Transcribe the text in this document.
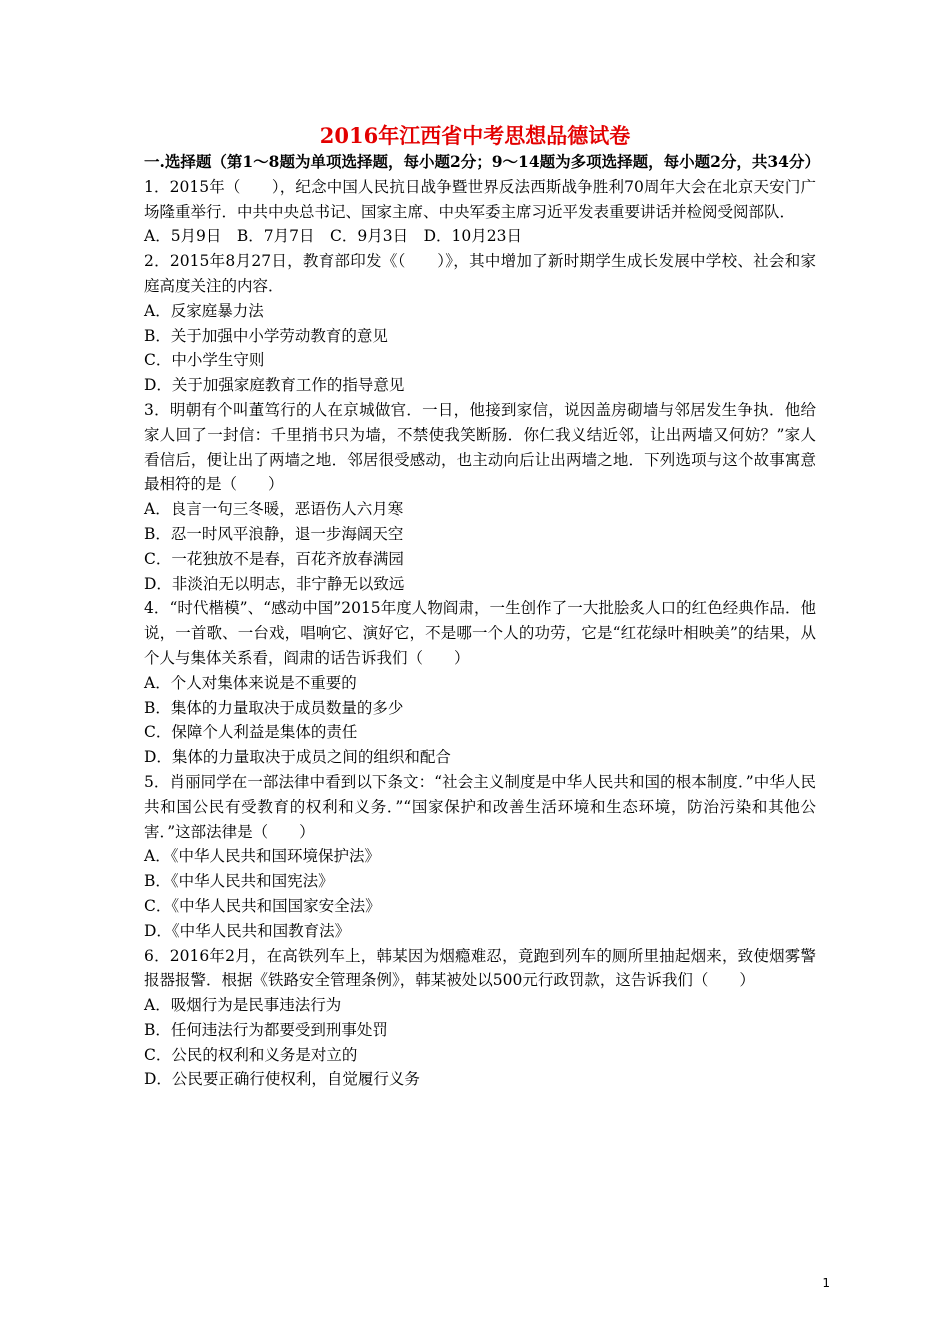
2016年江西省中考思想品德试卷

一.选择题（第1～8题为单项选择题，每小题2分；9～14题为多项选择题，每小题2分，共34分）

1．2015年（　　），纪念中国人民抗日战争暨世界反法西斯战争胜利70周年大会在北京天安门广场隆重举行．中共中央总书记、国家主席、中央军委主席习近平发表重要讲话并检阅受阅部队．

A．5月9日　B．7月7日　C．9月3日　D．10月23日

2．2015年8月27日，教育部印发《（　　）》，其中增加了新时期学生成长发展中学校、社会和家庭高度关注的内容．

A．反家庭暴力法

B．关于加强中小学劳动教育的意见

C．中小学生守则

D．关于加强家庭教育工作的指导意见

3．明朝有个叫董笃行的人在京城做官．一日，他接到家信，说因盖房砌墙与邻居发生争执．他给家人回了一封信：千里捎书只为墙，不禁使我笑断肠．你仁我义结近邻，让出两墙又何妨？”家人看信后，便让出了两墙之地．邻居很受感动，也主动向后让出两墙之地．下列选项与这个故事寓意最相符的是（　　）

A．良言一句三冬暖，恶语伤人六月寒

B．忍一时风平浪静，退一步海阔天空

C．一花独放不是春，百花齐放春满园

D．非淡泊无以明志，非宁静无以致远

4．“时代楷模”、“感动中国”2015年度人物阎肃，一生创作了一大批脍炙人口的红色经典作品．他说，一首歌、一台戏，唱响它、演好它，不是哪一个人的功劳，它是“红花绿叶相映美”的结果，从个人与集体关系看，阎肃的话告诉我们（　　）

A．个人对集体来说是不重要的

B．集体的力量取决于成员数量的多少

C．保障个人利益是集体的责任

D．集体的力量取决于成员之间的组织和配合

5．肖丽同学在一部法律中看到以下条文：“社会主义制度是中华人民共和国的根本制度．”中华人民共和国公民有受教育的权利和义务．”“国家保护和改善生活环境和生态环境，防治污染和其他公害．”这部法律是（　　）

A．《中华人民共和国环境保护法》

B．《中华人民共和国宪法》

C．《中华人民共和国国家安全法》

D．《中华人民共和国教育法》

6．2016年2月，在高铁列车上，韩某因为烟瘾难忍，竟跑到列车的厕所里抽起烟来，致使烟雾警报器报警．根据《铁路安全管理条例》，韩某被处以500元行政罚款，这告诉我们（　　）

A．吸烟行为是民事违法行为

B．任何违法行为都要受到刑事处罚

C．公民的权利和义务是对立的

D．公民要正确行使权利，自觉履行义务

1
